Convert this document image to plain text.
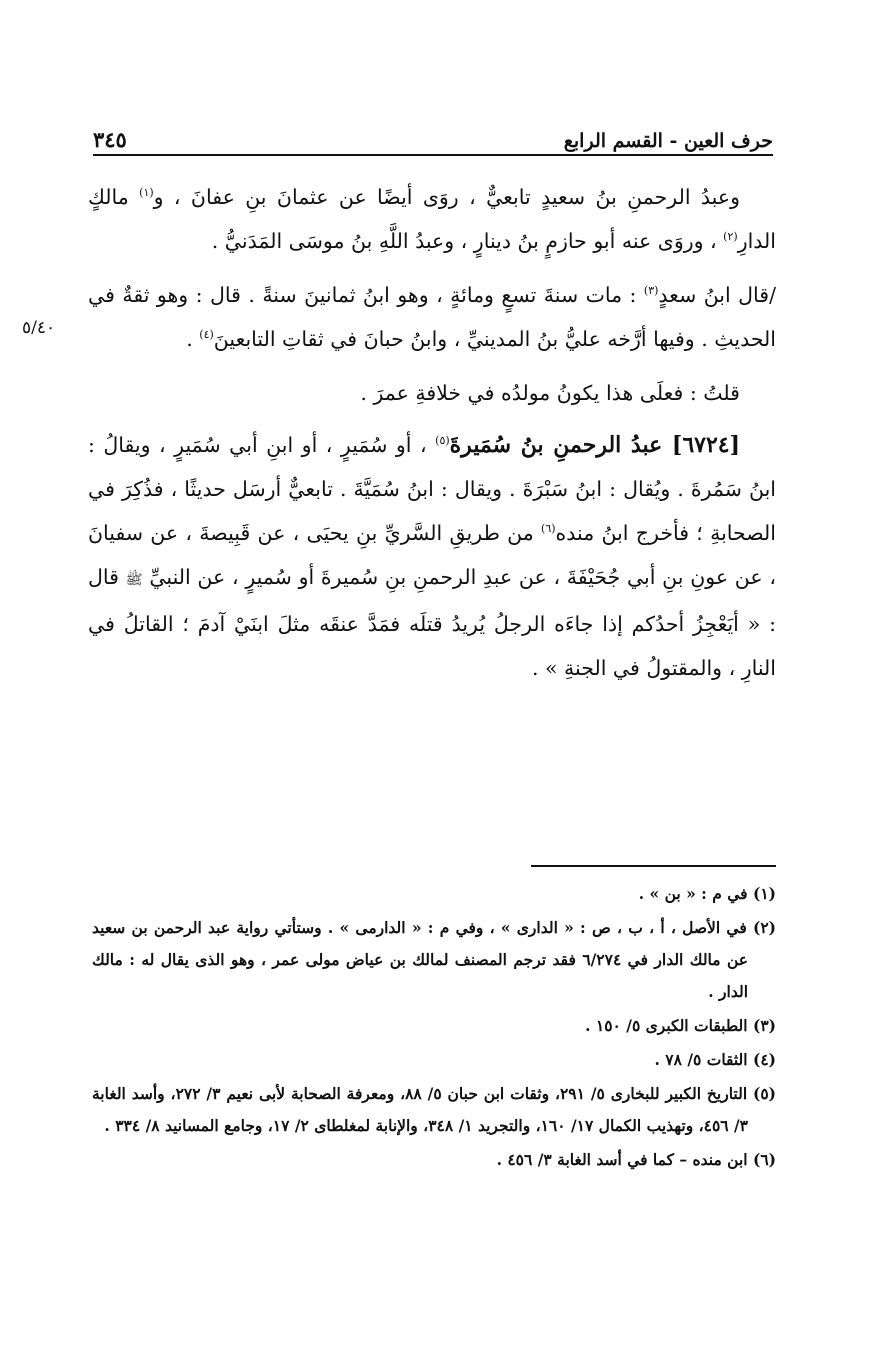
حرف العين - القسم الرابع
٣٤٥
٥/٤٠

وعبدُ الرحمنِ بنُ سعيدٍ تابعيٌّ ، روَى أيضًا عن عثمانَ بنِ عفانَ ، و$^{(١)}$ مالكٍ الدارِ$^{(٢)}$ ، وروَى عنه أبو حازمٍ بنُ دينارٍ ، وعبدُ اللَّهِ بنُ موسَى المَدَنيُّ .

/قال ابنُ سعدٍ$^{(٣)}$ : مات سنةَ تسعٍ ومائةٍ ، وهو ابنُ ثمانينَ سنةً . قال : وهو ثقةٌ في الحديثِ . وفيها أرَّخه عليُّ بنُ المدينيِّ ، وابنُ حبانَ في ثقاتِ التابعينَ$^{(٤)}$ .

قلتُ : فعلَى هذا يكونُ مولدُه في خلافةِ عمرَ .

[٦٧٢٤] عبدُ الرحمنِ بنُ سُمَيرةَ$^{(٥)}$ ، أو سُمَيرٍ ، أو ابنِ أبي سُمَيرٍ ، ويقالُ : ابنُ سَمُرةَ . ويُقال : ابنُ سَبْرَةَ . ويقال : ابنُ سُمَيَّةَ . تابعيٌّ أرسَل حديثًا ، فذُكِرَ في الصحابةِ ؛ فأخرج ابنُ منده$^{(٦)}$ من طريقِ السَّريِّ بنِ يحيَى ، عن قَبِيصةَ ، عن سفيانَ ، عن عونِ بنِ أبي جُحَيْفَةَ ، عن عبدِ الرحمنِ بنِ سُميرةَ أو سُميرٍ ، عن النبيِّ ﷺ قال : « أيَعْجِزُ أحدُكم إذا جاءَه الرجلُ يُريدُ قتلَه فمَدَّ عنقَه مثلَ ابنَيْ آدمَ ؛ القاتلُ في النارِ ، والمقتولُ في الجنةِ » .

(١) في م : « بن » .

(٢) في الأصل ، أ ، ب ، ص : « الدارى » ، وفي م : « الدارمى » . وستأتي رواية عبد الرحمن بن سعيد عن مالك الدار في ٦/٢٧٤ فقد ترجم المصنف لمالك بن عياض مولى عمر ، وهو الذى يقال له : مالك الدار .

(٣) الطبقات الكبرى ٥/ ١٥٠ .

(٤) الثقات ٥/ ٧٨ .

(٥) التاريخ الكبير للبخارى ٥/ ٢٩١، وثقات ابن حبان ٥/ ٨٨، ومعرفة الصحابة لأبى نعيم ٣/ ٢٧٢، وأسد الغابة ٣/ ٤٥٦، وتهذيب الكمال ١٧/ ١٦٠، والتجريد ١/ ٣٤٨، والإنابة لمغلطاى ٢/ ١٧، وجامع المسانيد ٨/ ٣٣٤ .

(٦) ابن منده – كما في أسد الغابة ٣/ ٤٥٦ .
